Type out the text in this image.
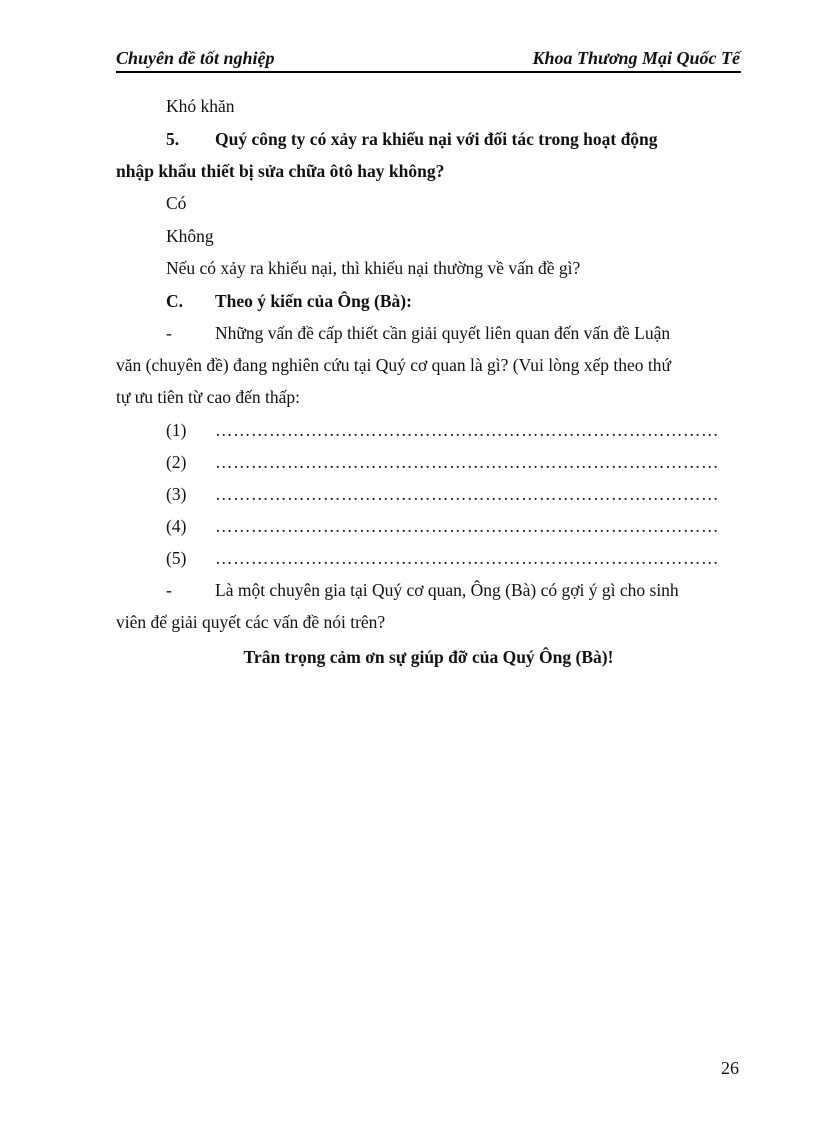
Chuyên đề tốt nghiệp	Khoa Thương Mại Quốc Tế
Khó khăn
5. Quý công ty có xảy ra khiếu nại với đối tác trong hoạt động
nhập khẩu thiết bị sửa chữa ôtô hay không?
Có
Không
Nếu có xảy ra khiếu nại, thì khiếu nại thường về vấn đề gì?
C. Theo ý kiến của Ông (Bà):
- Những vấn đề cấp thiết cần giải quyết liên quan đến vấn đề Luận
văn (chuyên đề) đang nghiên cứu tại Quý cơ quan là gì? (Vui lòng xếp theo thứ
tự ưu tiên từ cao đến thấp:
(1) …………………………………………………………………………
(2) …………………………………………………………………………
(3) …………………………………………………………………………
(4) …………………………………………………………………………
(5) …………………………………………………………………………
- Là một chuyên gia tại Quý cơ quan, Ông (Bà) có gợi ý gì cho sinh
viên để giải quyết các vấn đề nói trên?
Trân trọng cảm ơn sự giúp đỡ của Quý Ông (Bà)!
26
